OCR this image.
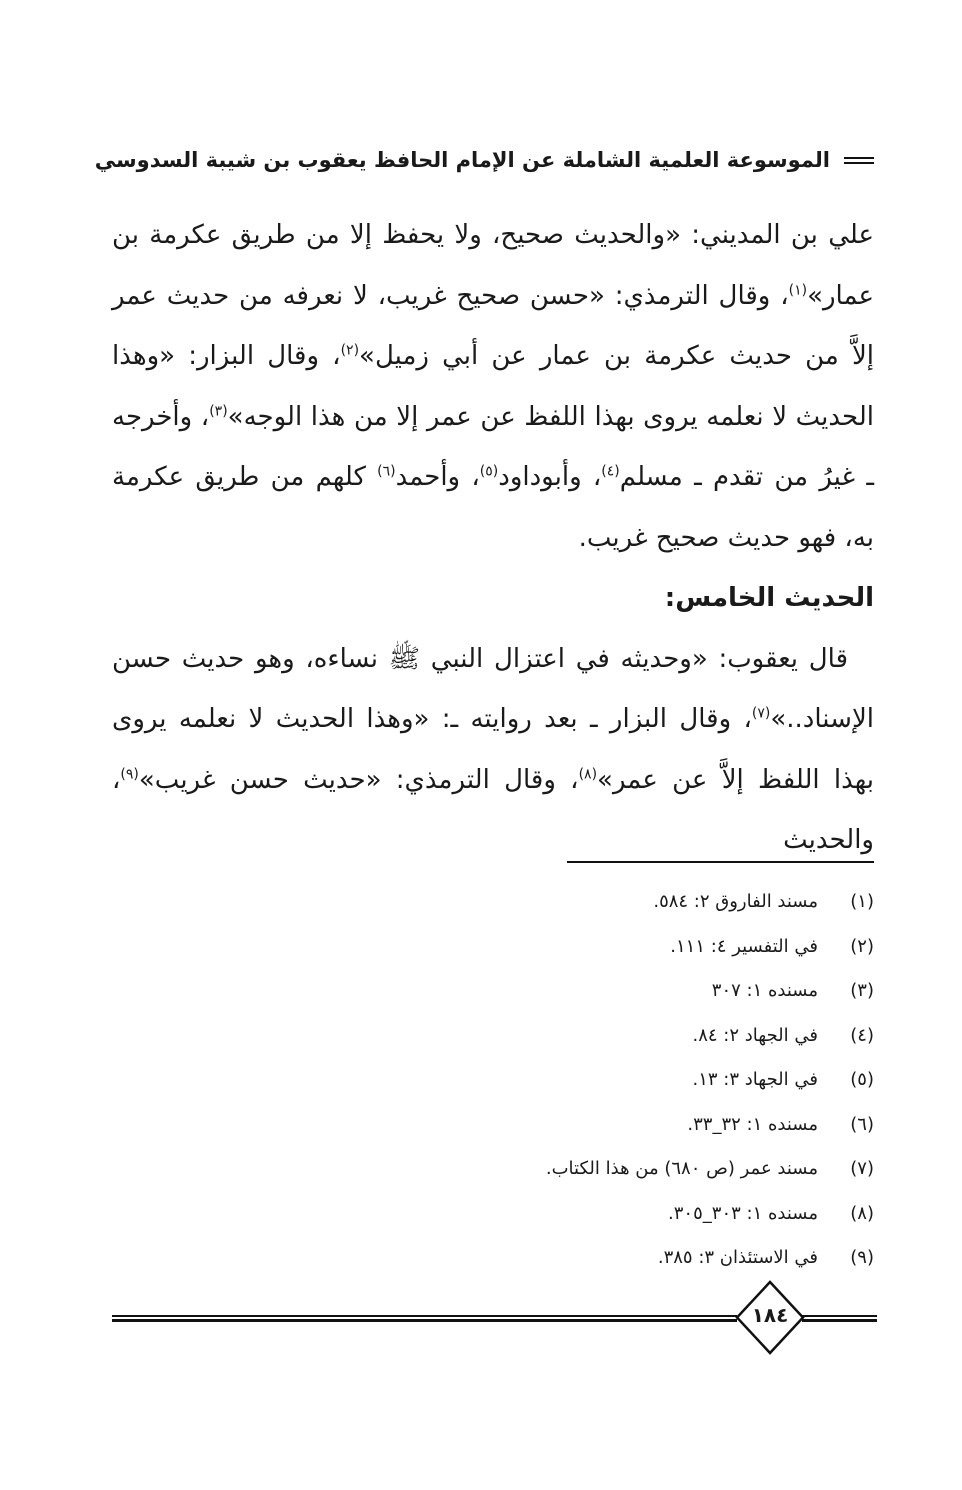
الموسوعة العلمية الشاملة عن الإمام الحافظ يعقوب بن شيبة السدوسي

علي بن المديني: «والحديث صحيح، ولا يحفظ إلا من طريق عكرمة بن عمار»$^{(١)}$، وقال الترمذي: «حسن صحيح غريب، لا نعرفه من حديث عمر إلاَّ من حديث عكرمة بن عمار عن أبي زميل»$^{(٢)}$، وقال البزار: «وهذا الحديث لا نعلمه يروى بهذا اللفظ عن عمر إلا من هذا الوجه»$^{(٣)}$، وأخرجه ـ غيرُ من تقدم ـ مسلم$^{(٤)}$، وأبوداود$^{(٥)}$، وأحمد$^{(٦)}$ كلهم من طريق عكرمة به، فهو حديث صحيح غريب.

الحديث الخامس:

قال يعقوب: «وحديثه في اعتزال النبي ﷺ نساءه، وهو حديث حسن الإسناد..»$^{(٧)}$، وقال البزار ـ بعد روايته ـ: «وهذا الحديث لا نعلمه يروى بهذا اللفظ إلاَّ عن عمر»$^{(٨)}$، وقال الترمذي: «حديث حسن غريب»$^{(٩)}$، والحديث

(١)
مسند الفاروق ٢: ٥٨٤.
(٢)
في التفسير ٤: ١١١.
(٣)
مسنده ١: ٣٠٧
(٤)
في الجهاد ٢: ٨٤.
(٥)
في الجهاد ٣: ١٣.
(٦)
مسنده ١: ٣٢_٣٣.
(٧)
مسند عمر (ص ٦٨٠) من هذا الكتاب.
(٨)
مسنده ١: ٣٠٣_٣٠٥.
(٩)
في الاستئذان ٣: ٣٨٥.
١٨٤
